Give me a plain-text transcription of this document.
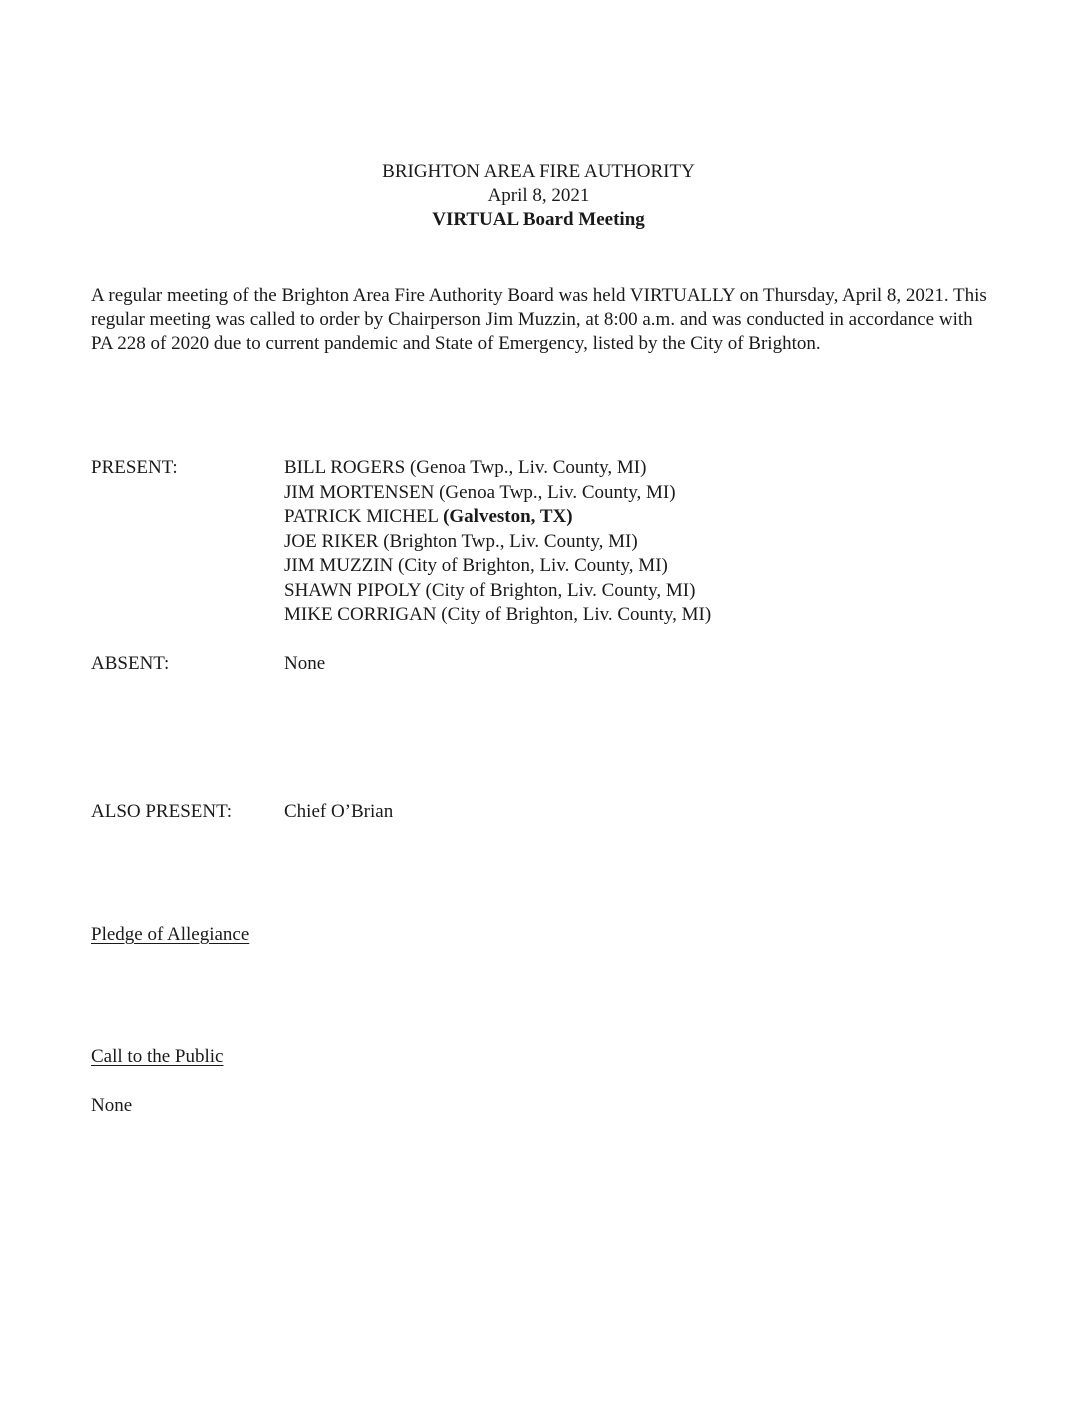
BRIGHTON AREA FIRE AUTHORITY
April 8, 2021
VIRTUAL Board Meeting
A regular meeting of the Brighton Area Fire Authority Board was held VIRTUALLY on Thursday, April 8, 2021. This regular meeting was called to order by Chairperson Jim Muzzin, at 8:00 a.m. and was conducted in accordance with PA 228 of 2020 due to current pandemic and State of Emergency, listed by the City of Brighton.
PRESENT:	BILL ROGERS (Genoa Twp., Liv. County, MI)
JIM MORTENSEN (Genoa Twp., Liv. County, MI)
PATRICK MICHEL (Galveston, TX)
JOE RIKER (Brighton Twp., Liv. County, MI)
JIM MUZZIN (City of Brighton, Liv. County, MI)
SHAWN PIPOLY (City of Brighton, Liv. County, MI)
MIKE CORRIGAN (City of Brighton, Liv. County, MI)
ABSENT:	None
ALSO PRESENT:	Chief O’Brian
Pledge of Allegiance
Call to the Public
None
